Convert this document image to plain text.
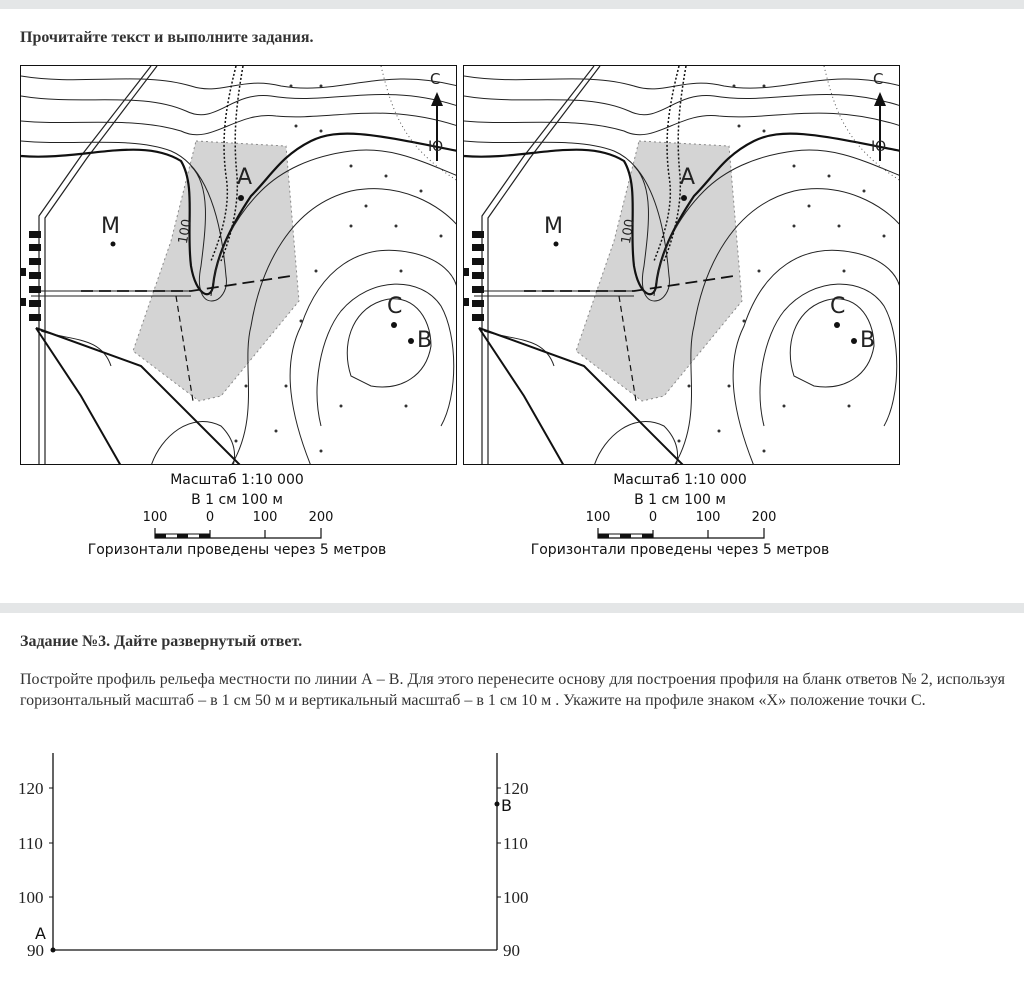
Прочитайте текст и выполните задания.
С
Ю
М
А
С
В
100
С
Ю
М
А
С
В
100
Масштаб 1:10 000
В 1 см 100 м
100	0	100 200
Горизонтали проведены через 5 метров
Масштаб 1:10 000
В 1 см 100 м
100	0	100 200
Горизонтали проведены через 5 метров
Задание №3. Дайте развернутый ответ.
Постройте профиль рельефа местности по линии А – В. Для этого перенесите основу для построения профиля на бланк ответов № 2, используя горизонтальный масштаб – в 1 см 50 м и вертикальный масштаб – в 1 см 10 м . Укажите на профиле знаком «Х» положение точки С.
120
110
100
90
120
110
100
90
А
В
